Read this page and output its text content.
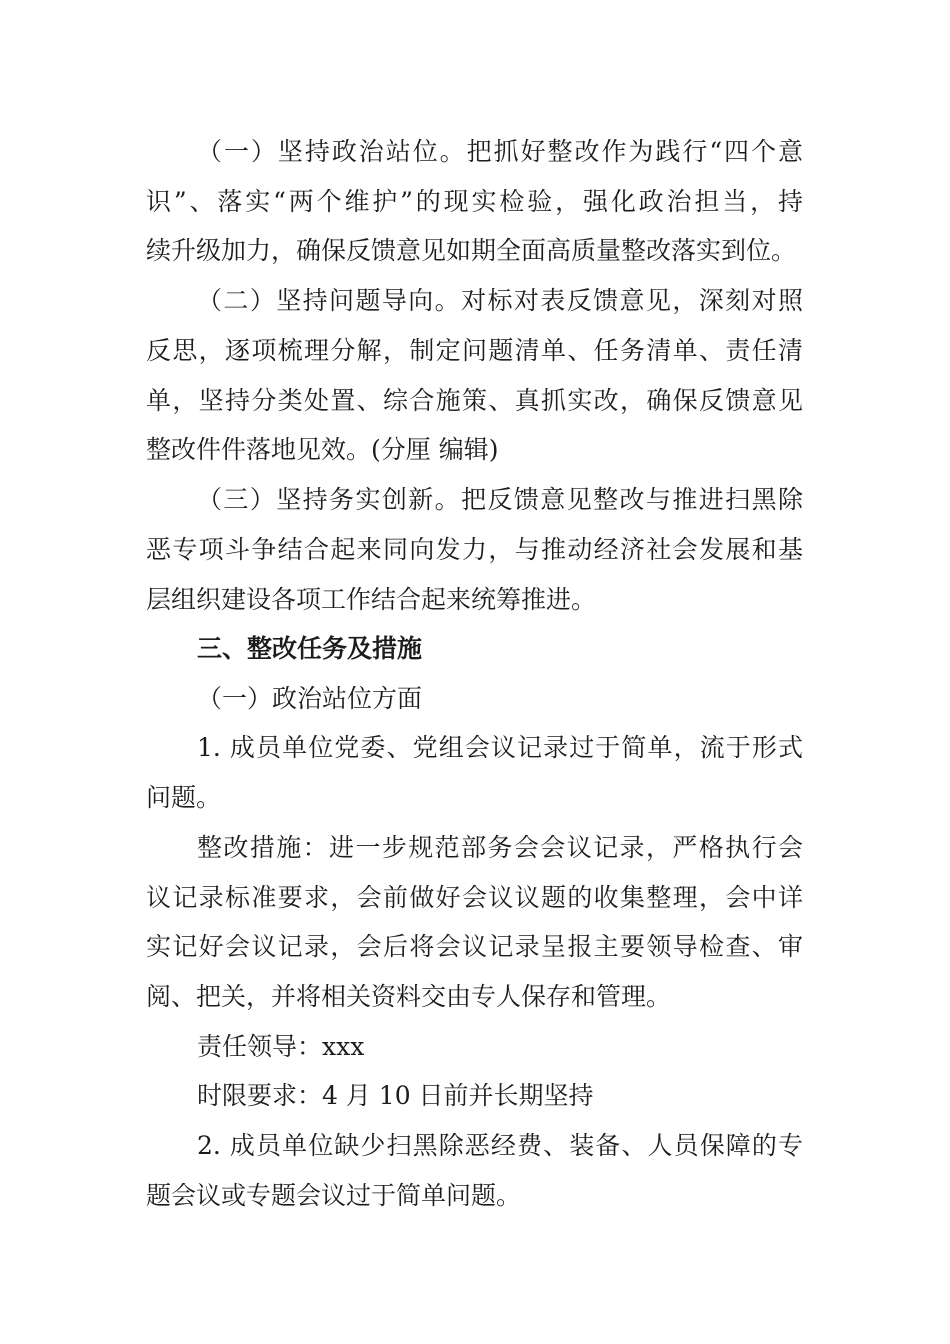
（一）坚持政治站位。把抓好整改作为践行“四个意
识”、落实“两个维护”的现实检验，强化政治担当，持
续升级加力，确保反馈意见如期全面高质量整改落实到位。
（二）坚持问题导向。对标对表反馈意见，深刻对照
反思，逐项梳理分解，制定问题清单、任务清单、责任清
单，坚持分类处置、综合施策、真抓实改，确保反馈意见
整改件件落地见效。(分厘 编辑)
（三）坚持务实创新。把反馈意见整改与推进扫黑除
恶专项斗争结合起来同向发力，与推动经济社会发展和基
层组织建设各项工作结合起来统筹推进。
三、整改任务及措施
（一）政治站位方面
1. 成员单位党委、党组会议记录过于简单，流于形式
问题。
整改措施：进一步规范部务会会议记录，严格执行会
议记录标准要求，会前做好会议议题的收集整理，会中详
实记好会议记录，会后将会议记录呈报主要领导检查、审
阅、把关，并将相关资料交由专人保存和管理。
责任领导：xxx
时限要求：4 月 10 日前并长期坚持
2. 成员单位缺少扫黑除恶经费、装备、人员保障的专
题会议或专题会议过于简单问题。
